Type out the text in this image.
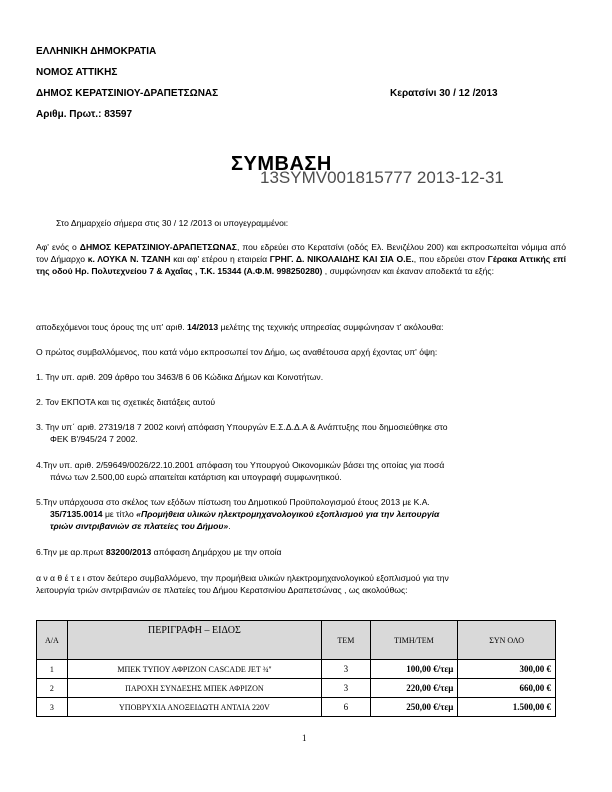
ΕΛΛΗΝΙΚΗ ΔΗΜΟΚΡΑΤΙΑ
ΝΟΜΟΣ ΑΤΤΙΚΗΣ
ΔΗΜΟΣ ΚΕΡΑΤΣΙΝΙΟΥ-ΔΡΑΠΕΤΣΩΝΑΣ	Κερατσίνι 30 / 12 /2013
Αριθμ. Πρωτ.: 83597
ΣΥΜΒΑΣΗ
13SYMV001815777 2013-12-31
Στο Δημαρχείο σήμερα στις 30 / 12 /2013 οι υπογεγραμμένοι:
Αφ' ενός ο ΔΗΜΟΣ ΚΕΡΑΤΣΙΝΙΟΥ-ΔΡΑΠΕΤΣΩΝΑΣ, που εδρεύει στο Κερατσίνι (οδός Ελ. Βενιζέλου 200) και εκπροσωπείται νόμιμα από τον Δήμαρχο κ. ΛΟΥΚΑ Ν. ΤΖΑΝΗ και αφ' ετέρου η εταιρεία ΓΡΗΓ. Δ. ΝΙΚΟΛΑΙΔΗΣ ΚΑΙ ΣΙΑ Ο.Ε., που εδρεύει στον Γέρακα Αττικής επί της οδού Ηρ. Πολυτεχνείου 7 & Αχαΐας , Τ.Κ. 15344 (Α.Φ.Μ. 998250280) , συμφώνησαν και έκαναν αποδεκτά τα εξής:
αποδεχόμενοι τους όρους της υπ' αριθ. 14/2013 μελέτης της τεχνικής υπηρεσίας συμφώνησαν τ' ακόλουθα:
Ο πρώτος συμβαλλόμενος, που κατά νόμο εκπροσωπεί τον Δήμο, ως αναθέτουσα αρχή έχοντας υπ' όψη:
1. Την υπ. αριθ. 209 άρθρο του 3463/8 6 06 Κώδικα Δήμων και Κοινοτήτων.
2. Τον ΕΚΠΟΤΑ και τις σχετικές διατάξεις αυτού
3. Την υπ΄ αριθ. 27319/18 7 2002 κοινή απόφαση Υπουργών Ε.Σ.Δ.Δ.Α & Ανάπτυξης που δημοσιεύθηκε στο
ΦΕΚ Β'/945/24 7 2002.
4.Την υπ. αριθ. 2/59649/0026/22.10.2001 απόφαση του Υπουργού Οικονομικών βάσει της οποίας για ποσά
πάνω των 2.500,00 ευρώ απαιτείται κατάρτιση και υπογραφή συμφωνητικού.
5.Την υπάρχουσα στο σκέλος των εξόδων πίστωση του Δημοτικού Προϋπολογισμού έτους 2013 με Κ.Α.
35/7135.0014 με τίτλο «Προμήθεια υλικών ηλεκτρομηχανολογικού εξοπλισμού για την λειτουργία
τριών σιντριβανιών σε πλατείες του Δήμου».
6.Την με αρ.πρωτ 83200/2013 απόφαση Δημάρχου με την οποία
α ν α θ έ τ ε ι στον δεύτερο συμβαλλόμενο, την προμήθεια υλικών ηλεκτρομηχανολογικού εξοπλισμού για την
λειτουργία τριών σιντριβανιών σε πλατείες του Δήμου Κερατσινίου Δραπετσώνας , ως ακολούθως:
Α/Α	ΠΕΡΙΓΡΑΦΗ – ΕΙΔΟΣ	ΤΕΜ	ΤΙΜΗ/ΤΕΜ	ΣΥΝ ΟΛΟ
1	ΜΠΕΚ ΤΥΠΟΥ ΑΦΡΙΖΟΝ CASCADE JET ¾''	3	100,00 €/τεμ	300,00 €
2	ΠΑΡΟΧΗ ΣΥΝΔΕΣΗΣ ΜΠΕΚ ΑΦΡΙΖΟΝ	3	220,00 €/τεμ	660,00 €
3	ΥΠΟΒΡΥΧΙΑ ΑΝΟΞΕΙΔΩΤΗ ΑΝΤΛΙΑ 220V	6	250,00 €/τεμ	1.500,00 €
1
